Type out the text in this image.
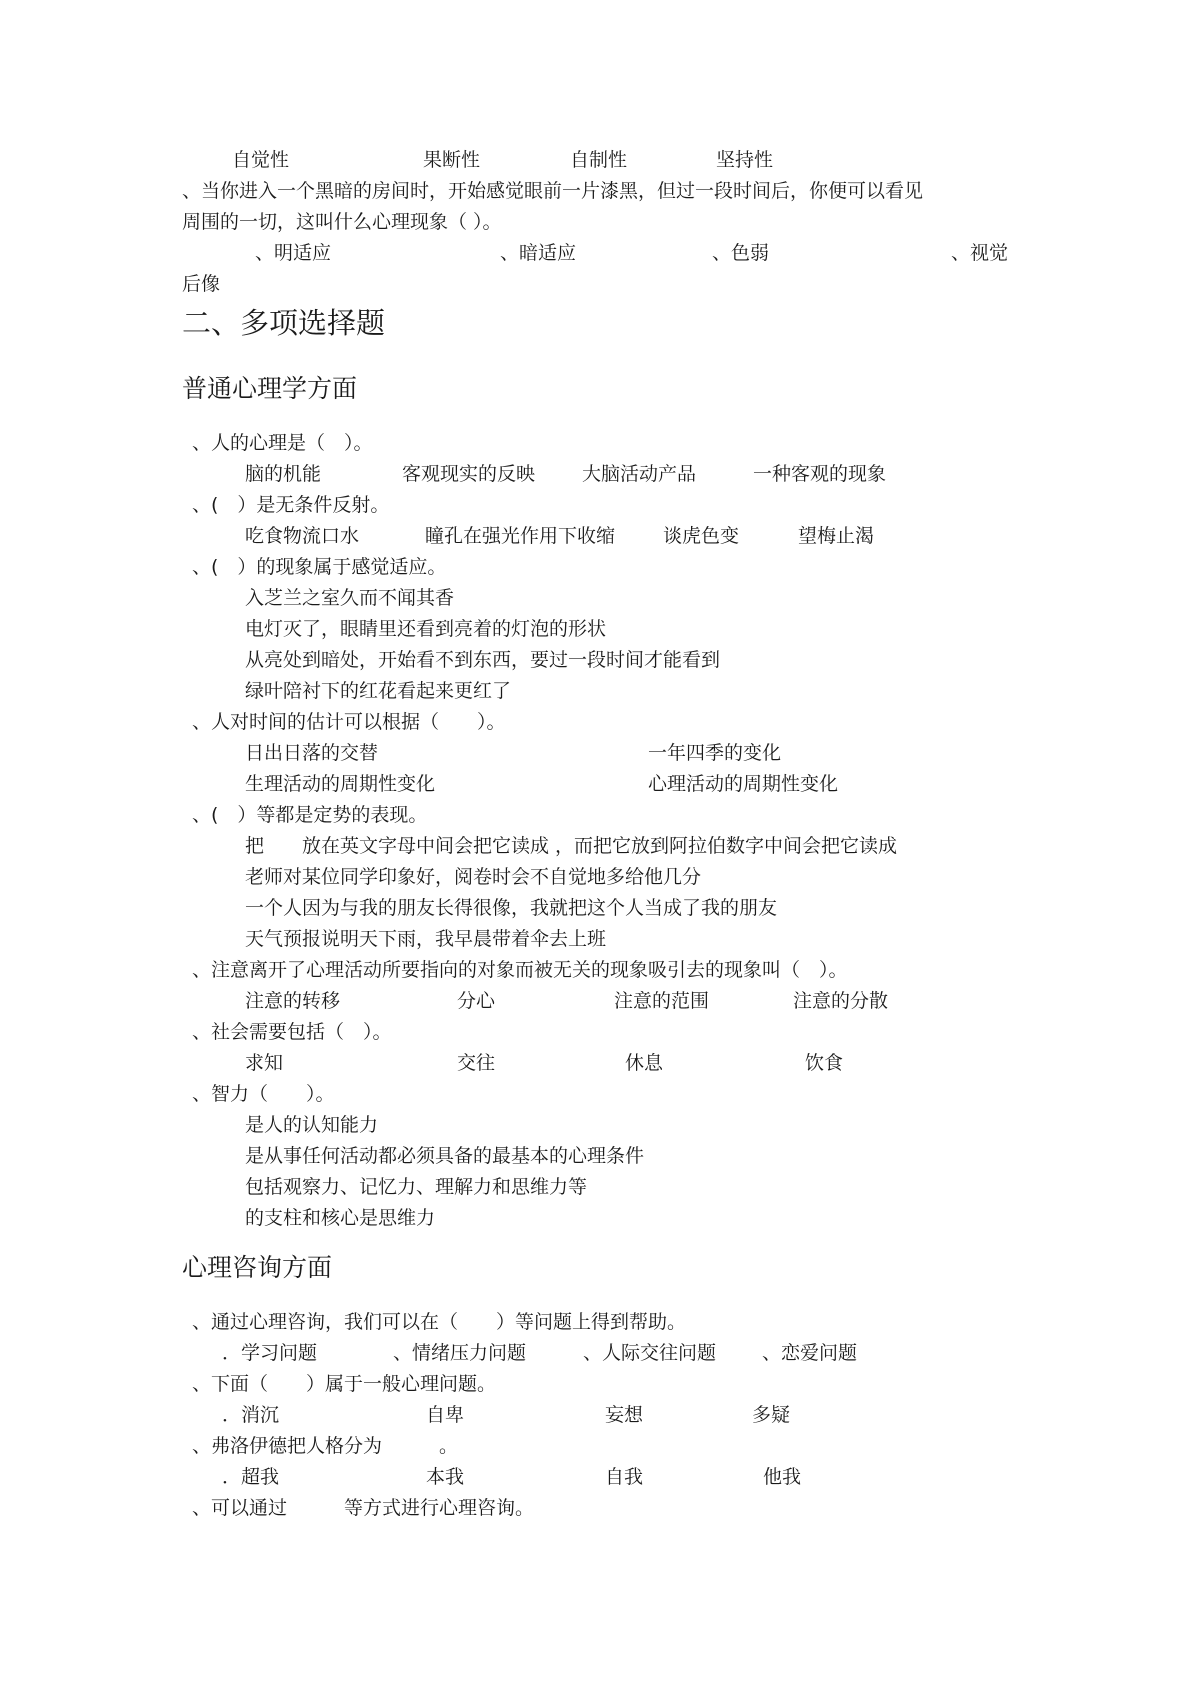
自觉性	果断性	自制性	坚持性
、当你进入一个黑暗的房间时，开始感觉眼前一片漆黑，但过一段时间后，你便可以看见
周围的一切，这叫什么心理现象（ ）。
、明适应	、暗适应	、色弱	、视觉
后像
二、多项选择题
普通心理学方面
、人的心理是（　）。
脑的机能	客观现实的反映 大脑活动产品	一种客观的现象
、(　）是无条件反射。
吃食物流口水	瞳孔在强光作用下收缩	谈虎色变	望梅止渴
、(　）的现象属于感觉适应。
入芝兰之室久而不闻其香
电灯灭了，眼睛里还看到亮着的灯泡的形状
从亮处到暗处，开始看不到东西，要过一段时间才能看到
绿叶陪衬下的红花看起来更红了
、人对时间的估计可以根据（　　）。
日出日落的交替	一年四季的变化
生理活动的周期性变化	心理活动的周期性变化
、(　）等都是定势的表现。
把 放在英文字母中间会把它读成 ，而把它放到阿拉伯数字中间会把它读成
老师对某位同学印象好，阅卷时会不自觉地多给他几分
一个人因为与我的朋友长得很像，我就把这个人当成了我的朋友
天气预报说明天下雨，我早晨带着伞去上班
、注意离开了心理活动所要指向的对象而被无关的现象吸引去的现象叫（　）。
注意的转移	分心	注意的范围	注意的分散
、社会需要包括（　）。
求知	交往	休息	饮食
、智力（　　）。
是人的认知能力
是从事任何活动都必须具备的最基本的心理条件
包括观察力、记忆力、理解力和思维力等
的支柱和核心是思维力
心理咨询方面
、通过心理咨询，我们可以在（　　）等问题上得到帮助。
．学习问题	、情绪压力问题	、人际交往问题 、恋爱问题
、下面（　　）属于一般心理问题。
．消沉	自卑	妄想	多疑
、弗洛伊德把人格分为　　　。
．超我	本我	自我	他我
、可以通过　　　等方式进行心理咨询。
